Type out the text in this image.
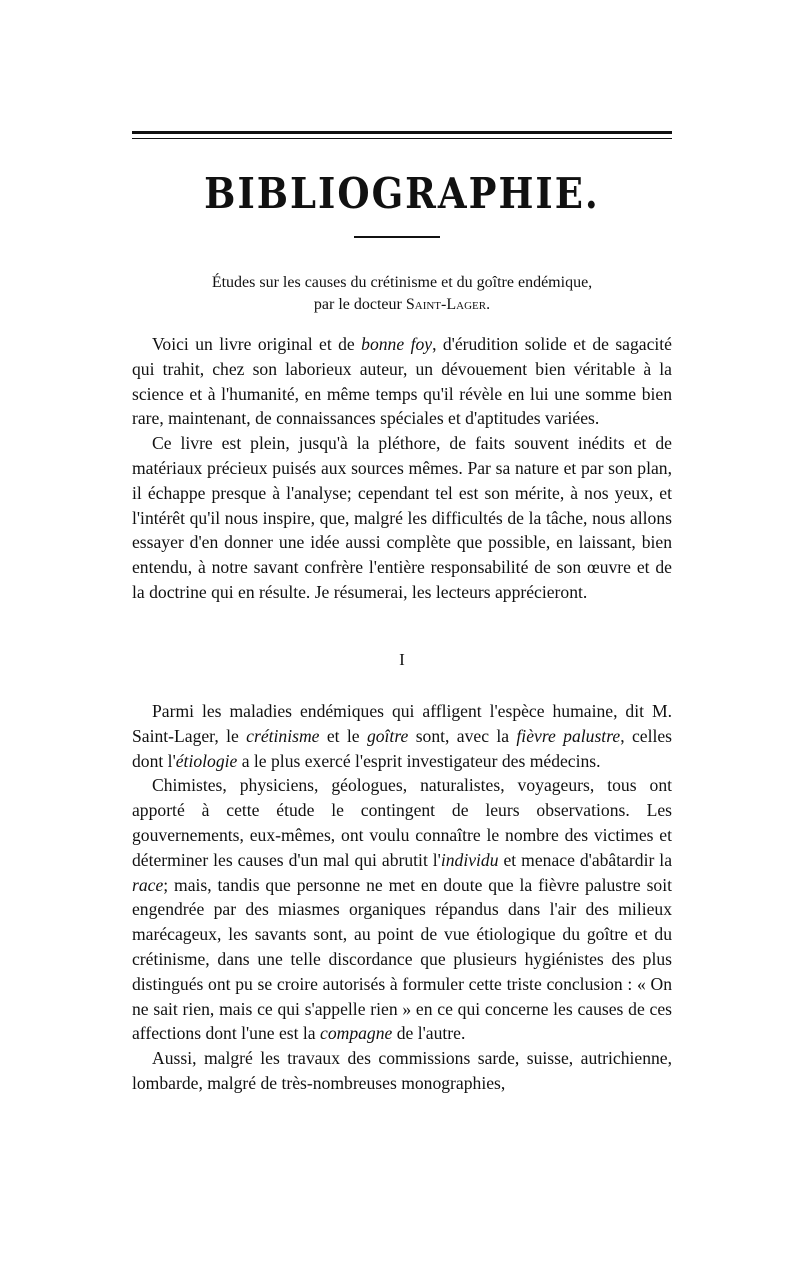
BIBLIOGRAPHIE.
Études sur les causes du crétinisme et du goître endémique,
par le docteur Saint-Lager.

Voici un livre original et de bonne foy, d'érudition solide et de sagacité qui trahit, chez son laborieux auteur, un dévouement bien véritable à la science et à l'humanité, en même temps qu'il révèle en lui une somme bien rare, maintenant, de connaissances spéciales et d'aptitudes variées.

Ce livre est plein, jusqu'à la pléthore, de faits souvent inédits et de matériaux précieux puisés aux sources mêmes. Par sa nature et par son plan, il échappe presque à l'analyse; cependant tel est son mérite, à nos yeux, et l'intérêt qu'il nous inspire, que, malgré les difficultés de la tâche, nous allons essayer d'en donner une idée aussi complète que possible, en laissant, bien entendu, à notre savant confrère l'entière responsabilité de son œuvre et de la doctrine qui en résulte. Je résumerai, les lecteurs apprécieront.

I

Parmi les maladies endémiques qui affligent l'espèce humaine, dit M. Saint-Lager, le crétinisme et le goître sont, avec la fièvre palustre, celles dont l'étiologie a le plus exercé l'esprit investigateur des médecins.

Chimistes, physiciens, géologues, naturalistes, voyageurs, tous ont apporté à cette étude le contingent de leurs observations. Les gouvernements, eux-mêmes, ont voulu connaître le nombre des victimes et déterminer les causes d'un mal qui abrutit l'individu et menace d'abâtardir la race; mais, tandis que personne ne met en doute que la fièvre palustre soit engendrée par des miasmes organiques répandus dans l'air des milieux marécageux, les savants sont, au point de vue étiologique du goître et du crétinisme, dans une telle discordance que plusieurs hygiénistes des plus distingués ont pu se croire autorisés à formuler cette triste conclusion : « On ne sait rien, mais ce qui s'appelle rien » en ce qui concerne les causes de ces affections dont l'une est la compagne de l'autre.

Aussi, malgré les travaux des commissions sarde, suisse, autrichienne, lombarde, malgré de très-nombreuses monographies,
